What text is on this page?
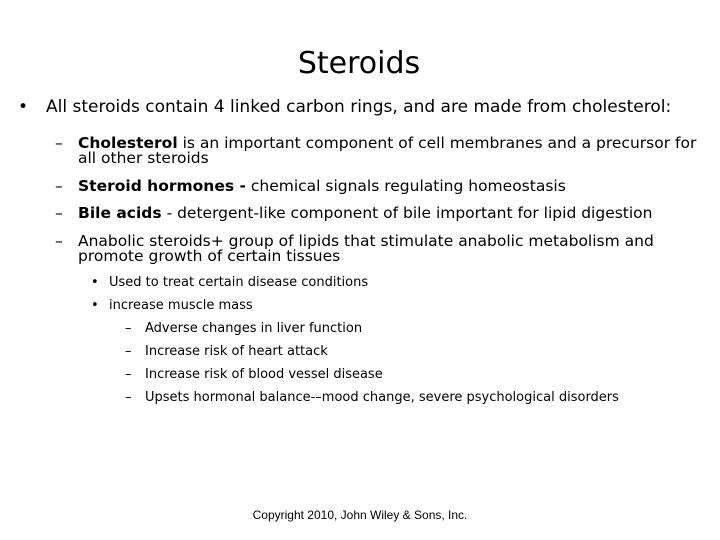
Steroids
• All steroids contain 4 linked carbon rings, and are made from cholesterol:
– Cholesterol is an important component of cell membranes and a precursor for all other steroids
– Steroid hormones - chemical signals regulating homeostasis
– Bile acids - detergent-like component of bile important for lipid digestion
– Anabolic steroids+ group of lipids that stimulate anabolic metabolism and promote growth of certain tissues
• Used to treat certain disease conditions
• increase muscle mass
– Adverse changes in liver function
– Increase risk of heart attack
– Increase risk of blood vessel disease
– Upsets hormonal balance-–mood change, severe psychological disorders
Copyright 2010, John Wiley & Sons, Inc.
